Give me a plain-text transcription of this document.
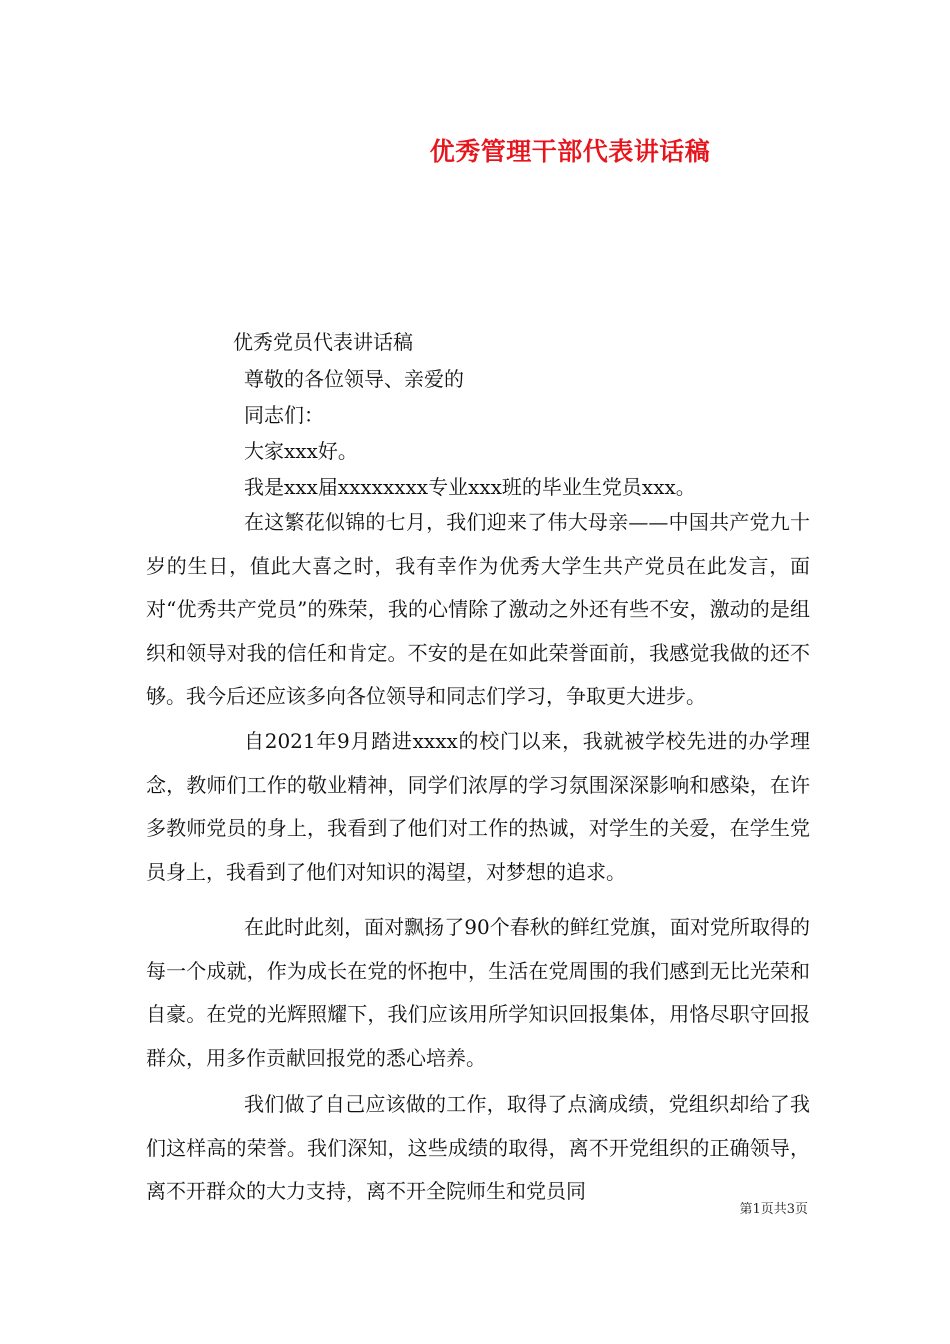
优秀管理干部代表讲话稿
优秀党员代表讲话稿
尊敬的各位领导、亲爱的
同志们：
大家xxx好。
我是xxx届xxxxxxxx专业xxx班的毕业生党员xxx。

在这繁花似锦的七月，我们迎来了伟大母亲——中国共产党九十岁的生日，值此大喜之时，我有幸作为优秀大学生共产党员在此发言，面对“优秀共产党员”的殊荣，我的心情除了激动之外还有些不安，激动的是组织和领导对我的信任和肯定。不安的是在如此荣誉面前，我感觉我做的还不够。我今后还应该多向各位领导和同志们学习，争取更大进步。

自2021年9月踏进xxxx的校门以来，我就被学校先进的办学理念，教师们工作的敬业精神，同学们浓厚的学习氛围深深影响和感染，在许多教师党员的身上，我看到了他们对工作的热诚，对学生的关爱，在学生党员身上，我看到了他们对知识的渴望，对梦想的追求。

在此时此刻，面对飘扬了90个春秋的鲜红党旗，面对党所取得的每一个成就，作为成长在党的怀抱中，生活在党周围的我们感到无比光荣和自豪。在党的光辉照耀下，我们应该用所学知识回报集体，用恪尽职守回报群众，用多作贡献回报党的悉心培养。

我们做了自己应该做的工作，取得了点滴成绩，党组织却给了我们这样高的荣誉。我们深知，这些成绩的取得，离不开党组织的正确领导，离不开群众的大力支持，离不开全院师生和党员同

第1页共3页
